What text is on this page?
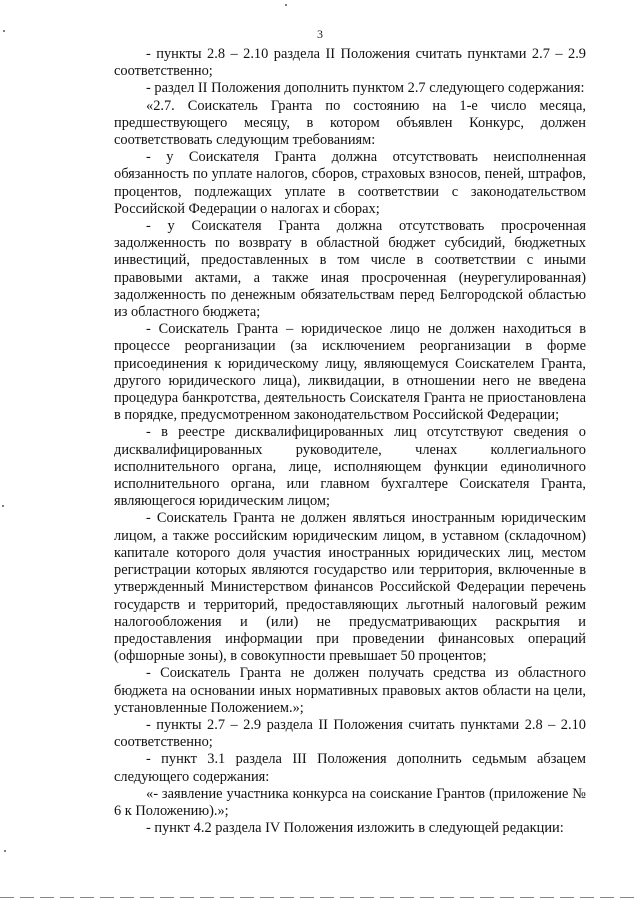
3

- пункты 2.8 – 2.10 раздела II Положения считать пунктами 2.7 – 2.9 соответственно;

- раздел II Положения дополнить пунктом 2.7 следующего содержания:

«2.7. Соискатель Гранта по состоянию на 1-е число месяца, предшествующего месяцу, в котором объявлен Конкурс, должен соответствовать следующим требованиям:

- у Соискателя Гранта должна отсутствовать неисполненная обязанность по уплате налогов, сборов, страховых взносов, пеней, штрафов, процентов, подлежащих уплате в соответствии с законодательством Российской Федерации о налогах и сборах;

- у Соискателя Гранта должна отсутствовать просроченная задолженность по возврату в областной бюджет субсидий, бюджетных инвестиций, предоставленных в том числе в соответствии с иными правовыми актами, а также иная просроченная (неурегулированная) задолженность по денежным обязательствам перед Белгородской областью из областного бюджета;

- Соискатель Гранта – юридическое лицо не должен находиться в процессе реорганизации (за исключением реорганизации в форме присоединения к юридическому лицу, являющемуся Соискателем Гранта, другого юридического лица), ликвидации, в отношении него не введена процедура банкротства, деятельность Соискателя Гранта не приостановлена в порядке, предусмотренном законодательством Российской Федерации;

- в реестре дисквалифицированных лиц отсутствуют сведения о дисквалифицированных руководителе, членах коллегиального исполнительного органа, лице, исполняющем функции единоличного исполнительного органа, или главном бухгалтере Соискателя Гранта, являющегося юридическим лицом;

- Соискатель Гранта не должен являться иностранным юридическим лицом, а также российским юридическим лицом, в уставном (складочном) капитале которого доля участия иностранных юридических лиц, местом регистрации которых являются государство или территория, включенные в утвержденный Министерством финансов Российской Федерации перечень государств и территорий, предоставляющих льготный налоговый режим налогообложения и (или) не предусматривающих раскрытия и предоставления информации при проведении финансовых операций (офшорные зоны), в совокупности превышает 50 процентов;

- Соискатель Гранта не должен получать средства из областного бюджета на основании иных нормативных правовых актов области на цели, установленные Положением.»;

- пункты 2.7 – 2.9 раздела II Положения считать пунктами 2.8 – 2.10 соответственно;

- пункт 3.1 раздела III Положения дополнить седьмым абзацем следующего содержания:

«- заявление участника конкурса на соискание Грантов (приложение № 6 к Положению).»;

- пункт 4.2 раздела IV Положения изложить в следующей редакции:
